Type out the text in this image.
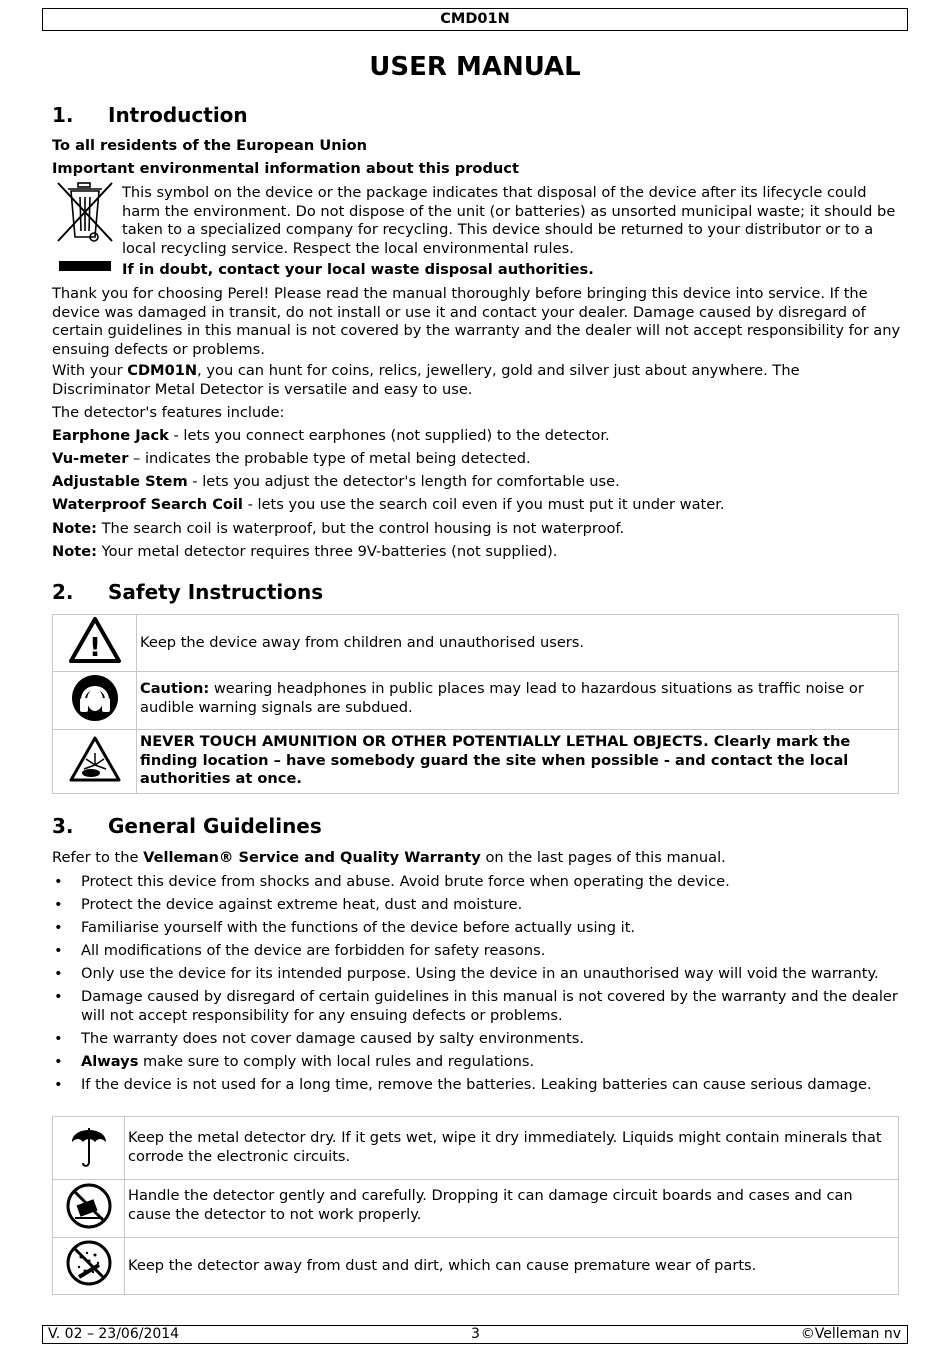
CMD01N
USER MANUAL
1. Introduction

To all residents of the European Union

Important environmental information about this product

This symbol on the device or the package indicates that disposal of the device after its lifecycle could harm the environment. Do not dispose of the unit (or batteries) as unsorted municipal waste; it should be taken to a specialized company for recycling. This device should be returned to your distributor or to a local recycling service. Respect the local environmental rules.

If in doubt, contact your local waste disposal authorities.

Thank you for choosing Perel! Please read the manual thoroughly before bringing this device into service. If the device was damaged in transit, do not install or use it and contact your dealer. Damage caused by disregard of certain guidelines in this manual is not covered by the warranty and the dealer will not accept responsibility for any ensuing defects or problems.

With your CDM01N, you can hunt for coins, relics, jewellery, gold and silver just about anywhere. The Discriminator Metal Detector is versatile and easy to use.

The detector's features include:

Earphone Jack - lets you connect earphones (not supplied) to the detector.

Vu-meter – indicates the probable type of metal being detected.

Adjustable Stem - lets you adjust the detector's length for comfortable use.

Waterproof Search Coil - lets you use the search coil even if you must put it under water.

Note: The search coil is waterproof, but the control housing is not waterproof.

Note: Your metal detector requires three 9V-batteries (not supplied).

2. Safety Instructions
!	Keep the device away from children and unauthorised users.
	Caution: wearing headphones in public places may lead to hazardous situations as traffic noise or audible warning signals are subdued.
	NEVER TOUCH AMUNITION OR OTHER POTENTIALLY LETHAL OBJECTS. Clearly mark the finding location – have somebody guard the site when possible - and contact the local authorities at once.
3. General Guidelines

Refer to the Velleman® Service and Quality Warranty on the last pages of this manual.

• Protect this device from shocks and abuse. Avoid brute force when operating the device.
• Protect the device against extreme heat, dust and moisture.
• Familiarise yourself with the functions of the device before actually using it.
• All modifications of the device are forbidden for safety reasons.
• Only use the device for its intended purpose. Using the device in an unauthorised way will void the warranty.
• Damage caused by disregard of certain guidelines in this manual is not covered by the warranty and the dealer will not accept responsibility for any ensuing defects or problems.
• The warranty does not cover damage caused by salty environments.
• Always make sure to comply with local rules and regulations.
• If the device is not used for a long time, remove the batteries. Leaking batteries can cause serious damage.
	Keep the metal detector dry. If it gets wet, wipe it dry immediately. Liquids might contain minerals that corrode the electronic circuits.
	Handle the detector gently and carefully. Dropping it can damage circuit boards and cases and can cause the detector to not work properly.
	Keep the detector away from dust and dirt, which can cause premature wear of parts.
V. 02 – 23/06/2014	3	©Velleman nv
